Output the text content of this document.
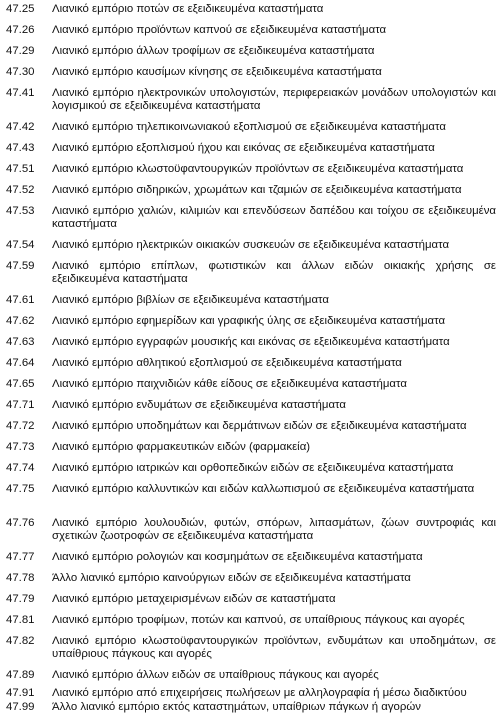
47.25	Λιανικό εμπόριο ποτών σε εξειδικευμένα καταστήματα
47.26	Λιανικό εμπόριο προϊόντων καπνού σε εξειδικευμένα καταστήματα
47.29	Λιανικό εμπόριο άλλων τροφίμων σε εξειδικευμένα καταστήματα
47.30	Λιανικό εμπόριο καυσίμων κίνησης σε εξειδικευμένα καταστήματα
47.41	Λιανικό εμπόριο ηλεκτρονικών υπολογιστών, περιφερειακών μονάδων υπολογιστών και λογισμικού σε εξειδικευμένα καταστήματα
47.42	Λιανικό εμπόριο τηλεπικοινωνιακού εξοπλισμού σε εξειδικευμένα καταστήματα
47.43	Λιανικό εμπόριο εξοπλισμού ήχου και εικόνας σε εξειδικευμένα καταστήματα
47.51	Λιανικό εμπόριο κλωστοϋφαντουργικών προϊόντων σε εξειδικευμένα καταστήματα
47.52	Λιανικό εμπόριο σιδηρικών, χρωμάτων και τζαμιών σε εξειδικευμένα καταστήματα
47.53	Λιανικό εμπόριο χαλιών, κιλιμιών και επενδύσεων δαπέδου και τοίχου σε εξειδικευμένα καταστήματα
47.54	Λιανικό εμπόριο ηλεκτρικών οικιακών συσκευών σε εξειδικευμένα καταστήματα
47.59	Λιανικό εμπόριο επίπλων, φωτιστικών και άλλων ειδών οικιακής χρήσης σε εξειδικευμένα καταστήματα
47.61	Λιανικό εμπόριο βιβλίων σε εξειδικευμένα καταστήματα
47.62	Λιανικό εμπόριο εφημερίδων και γραφικής ύλης σε εξειδικευμένα καταστήματα
47.63	Λιανικό εμπόριο εγγραφών μουσικής και εικόνας σε εξειδικευμένα καταστήματα
47.64	Λιανικό εμπόριο αθλητικού εξοπλισμού σε εξειδικευμένα καταστήματα
47.65	Λιανικό εμπόριο παιχνιδιών κάθε είδους σε εξειδικευμένα καταστήματα
47.71	Λιανικό εμπόριο ενδυμάτων σε εξειδικευμένα καταστήματα
47.72	Λιανικό εμπόριο υποδημάτων και δερμάτινων ειδών σε εξειδικευμένα καταστήματα
47.73	Λιανικό εμπόριο φαρμακευτικών ειδών (φαρμακεία)
47.74	Λιανικό εμπόριο ιατρικών και ορθοπεδικών ειδών σε εξειδικευμένα καταστήματα
47.75	Λιανικό εμπόριο καλλυντικών και ειδών καλλωπισμού σε εξειδικευμένα καταστήματα
47.76	Λιανικό εμπόριο λουλουδιών, φυτών, σπόρων, λιπασμάτων, ζώων συντροφιάς και σχετικών ζωοτροφών σε εξειδικευμένα καταστήματα
47.77	Λιανικό εμπόριο ρολογιών και κοσμημάτων σε εξειδικευμένα καταστήματα
47.78	Άλλο λιανικό εμπόριο καινούργιων ειδών σε εξειδικευμένα καταστήματα
47.79	Λιανικό εμπόριο μεταχειρισμένων ειδών σε καταστήματα
47.81	Λιανικό εμπόριο τροφίμων, ποτών και καπνού, σε υπαίθριους πάγκους και αγορές
47.82	Λιανικό εμπόριο κλωστοϋφαντουργικών προϊόντων, ενδυμάτων και υποδημάτων, σε υπαίθριους πάγκους και αγορές
47.89	Λιανικό εμπόριο άλλων ειδών σε υπαίθριους πάγκους και αγορές
47.91	Λιανικό εμπόριο από επιχειρήσεις πωλήσεων με αλληλογραφία ή μέσω διαδικτύου
47.99	Άλλο λιανικό εμπόριο εκτός καταστημάτων, υπαίθριων πάγκων ή αγορών
